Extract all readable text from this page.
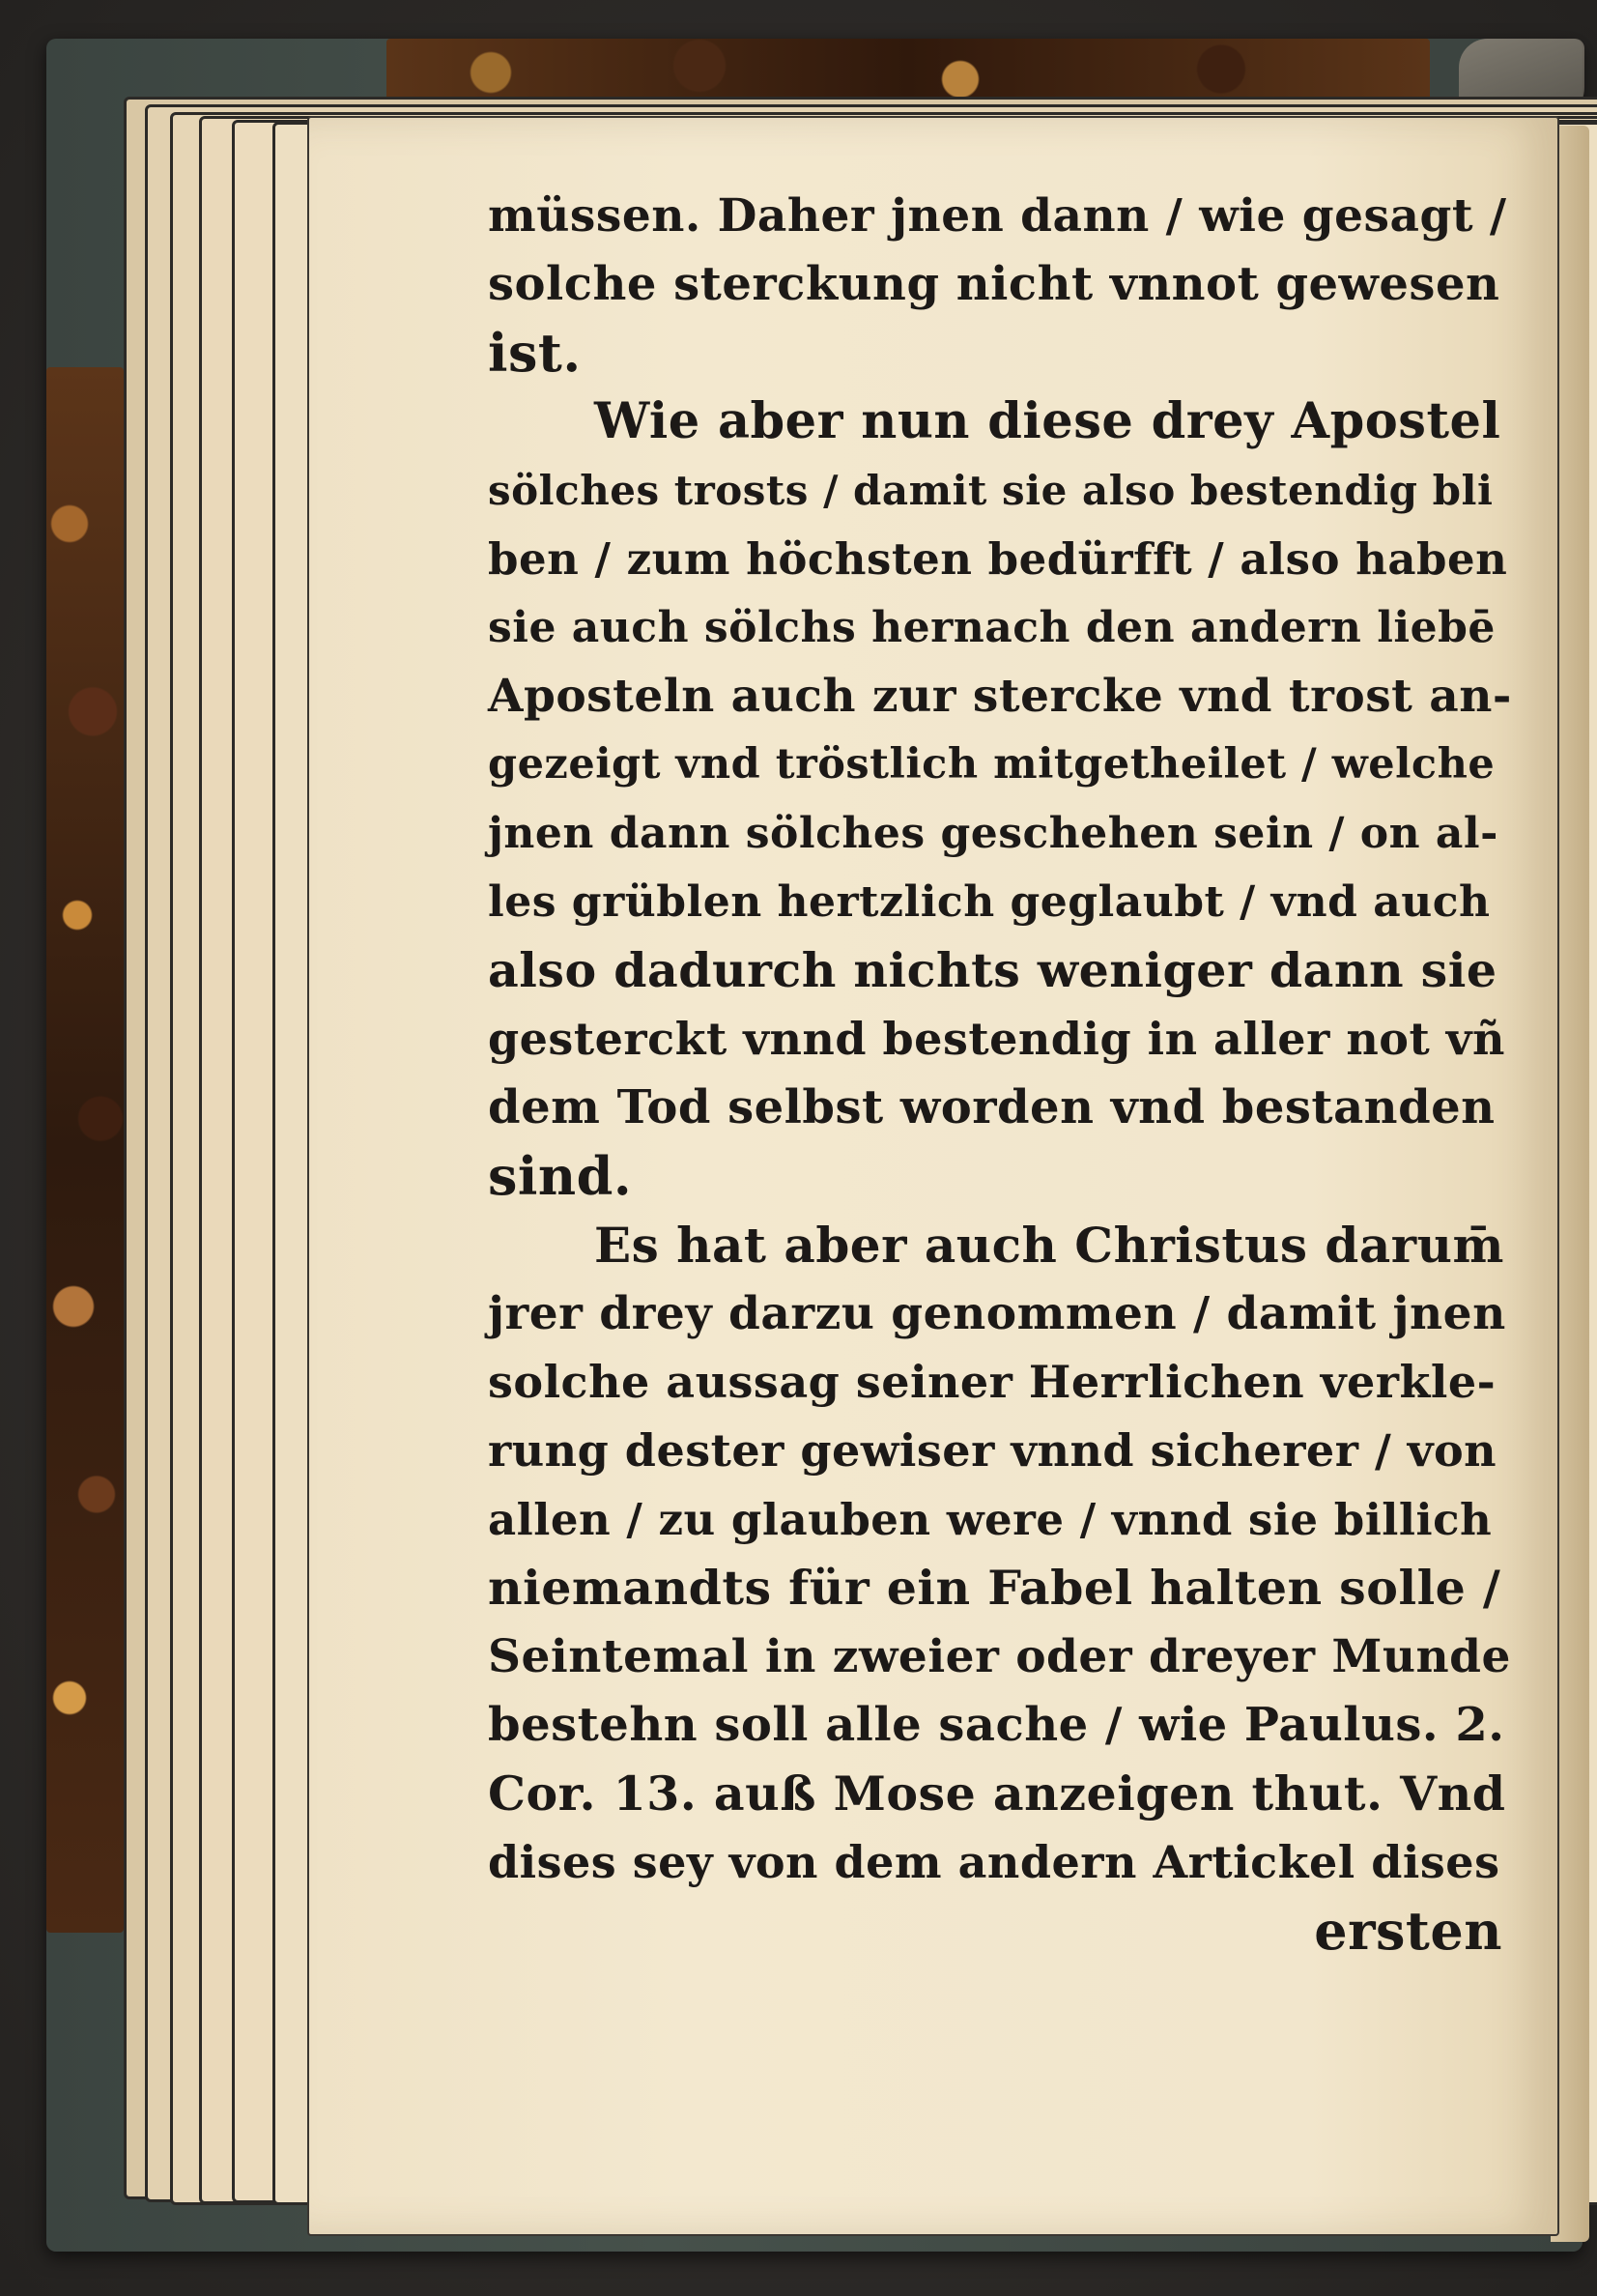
müssen. Daher jnen dann / wie gesagt /
solche sterckung nicht vnnot gewesen
ist.
Wie aber nun diese drey Apostel
sölches trosts / damit sie also bestendig bli
ben / zum höchsten bedürfft / also haben
sie auch sölchs hernach den andern liebē
Aposteln auch zur stercke vnd trost an-
gezeigt vnd tröstlich mitgetheilet / welche
jnen dann sölches geschehen sein / on al-
les grüblen hertzlich geglaubt / vnd auch
also dadurch nichts weniger dann sie
gesterckt vnnd bestendig in aller not vñ
dem Tod selbst worden vnd bestanden
sind.
Es hat aber auch Christus darum̄
jrer drey darzu genommen / damit jnen
solche aussag seiner Herrlichen verkle-
rung dester gewiser vnnd sicherer / von
allen / zu glauben were / vnnd sie billich
niemandts für ein Fabel halten solle /
Seintemal in zweier oder dreyer Munde
bestehn soll alle sache / wie Paulus. 2.
Cor. 13. auß Mose anzeigen thut. Vnd
dises sey von dem andern Artickel dises
ersten
